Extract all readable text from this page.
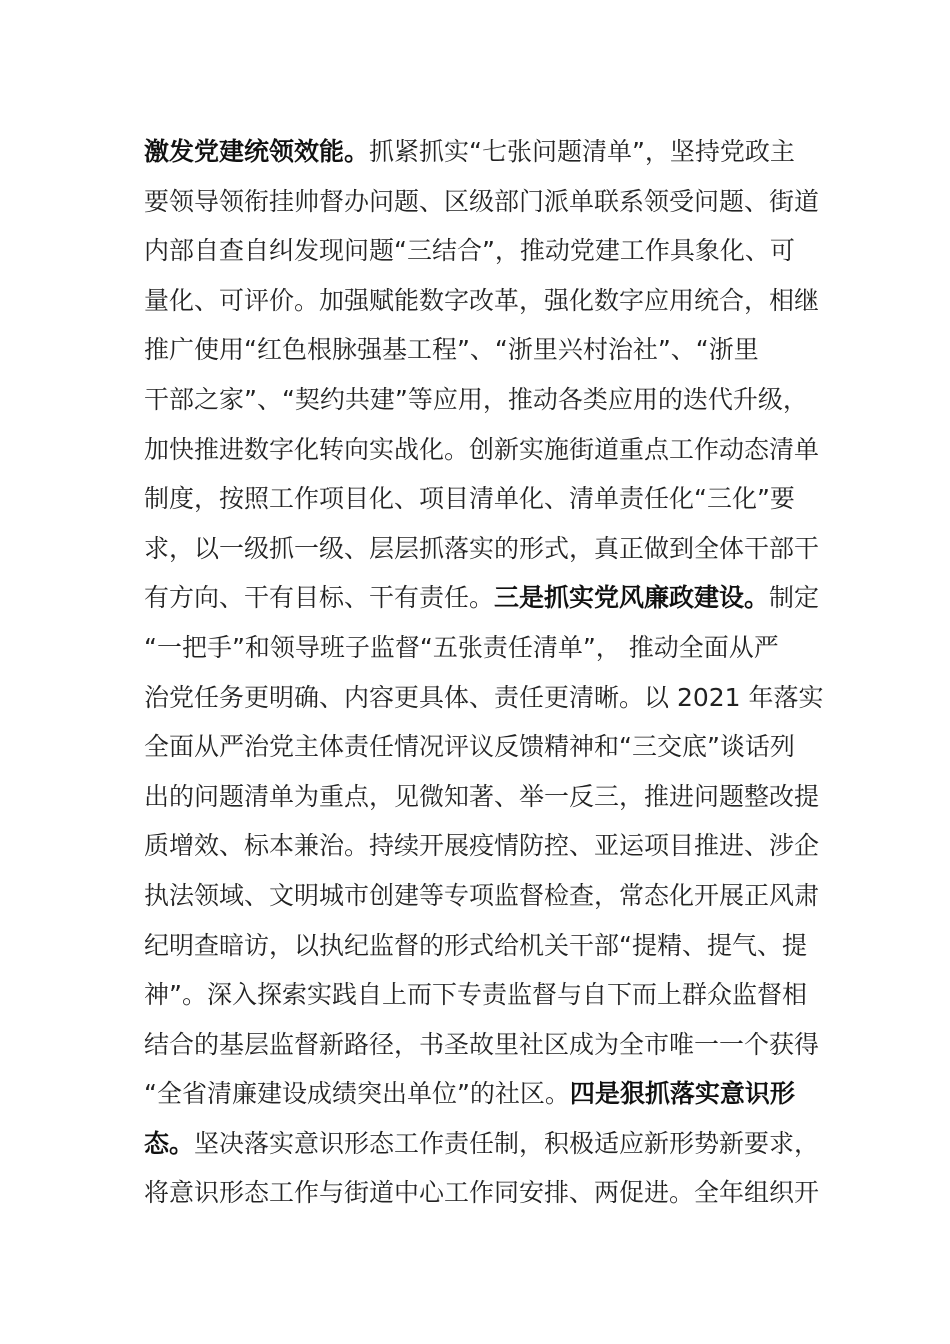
激发党建统领效能。抓紧抓实“七张问题清单”，坚持党政主
要领导领衔挂帅督办问题、区级部门派单联系领受问题、街道
内部自查自纠发现问题“三结合”，推动党建工作具象化、可
量化、可评价。加强赋能数字改革，强化数字应用统合，相继
推广使用“红色根脉强基工程”、“浙里兴村治社”、“浙里
干部之家”、“契约共建”等应用，推动各类应用的迭代升级，
加快推进数字化转向实战化。创新实施街道重点工作动态清单
制度，按照工作项目化、项目清单化、清单责任化“三化”要
求，以一级抓一级、层层抓落实的形式，真正做到全体干部干
有方向、干有目标、干有责任。三是抓实党风廉政建设。制定
“一把手”和领导班子监督“五张责任清单”， 推动全面从严
治党任务更明确、内容更具体、责任更清晰。以 2021 年落实
全面从严治党主体责任情况评议反馈精神和“三交底”谈话列
出的问题清单为重点，见微知著、举一反三，推进问题整改提
质增效、标本兼治。持续开展疫情防控、亚运项目推进、涉企
执法领域、文明城市创建等专项监督检查，常态化开展正风肃
纪明查暗访，以执纪监督的形式给机关干部“提精、提气、提
神”。深入探索实践自上而下专责监督与自下而上群众监督相
结合的基层监督新路径，书圣故里社区成为全市唯一一个获得
“全省清廉建设成绩突出单位”的社区。四是狠抓落实意识形
态。坚决落实意识形态工作责任制，积极适应新形势新要求，
将意识形态工作与街道中心工作同安排、两促进。全年组织开
